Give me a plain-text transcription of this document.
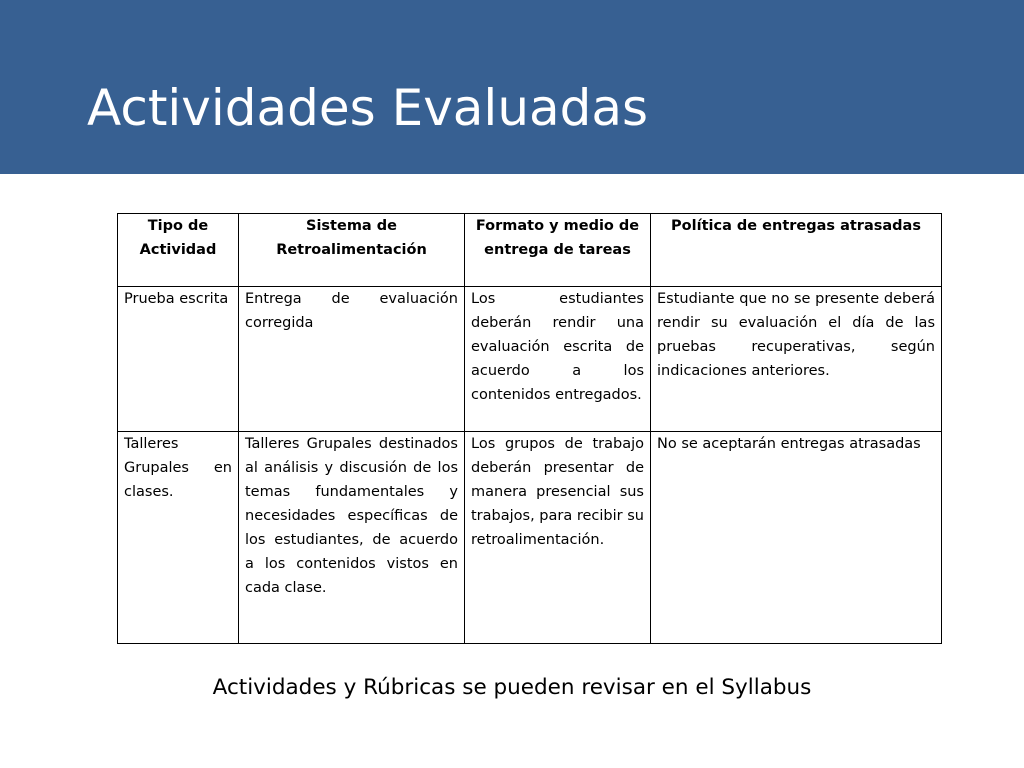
Actividades Evaluadas
Tipo de Actividad	Sistema de Retroalimentación	Formato y medio de entrega de tareas	Política de entregas atrasadas
Prueba escrita	Entrega de evaluación corregida	Los estudiantes deberán rendir una evaluación escrita de acuerdo a los contenidos entregados.	Estudiante que no se presente deberá rendir su evaluación el día de las pruebas recuperativas, según indicaciones anteriores.
Talleres Grupales en clases.	Talleres Grupales destinados al análisis y discusión de los temas fundamentales y necesidades específicas de los estudiantes, de acuerdo a los contenidos vistos en cada clase.	Los grupos de trabajo deberán presentar de manera presencial sus trabajos, para recibir su retroalimentación.	No se aceptarán entregas atrasadas

Actividades y Rúbricas se pueden revisar en el Syllabus
